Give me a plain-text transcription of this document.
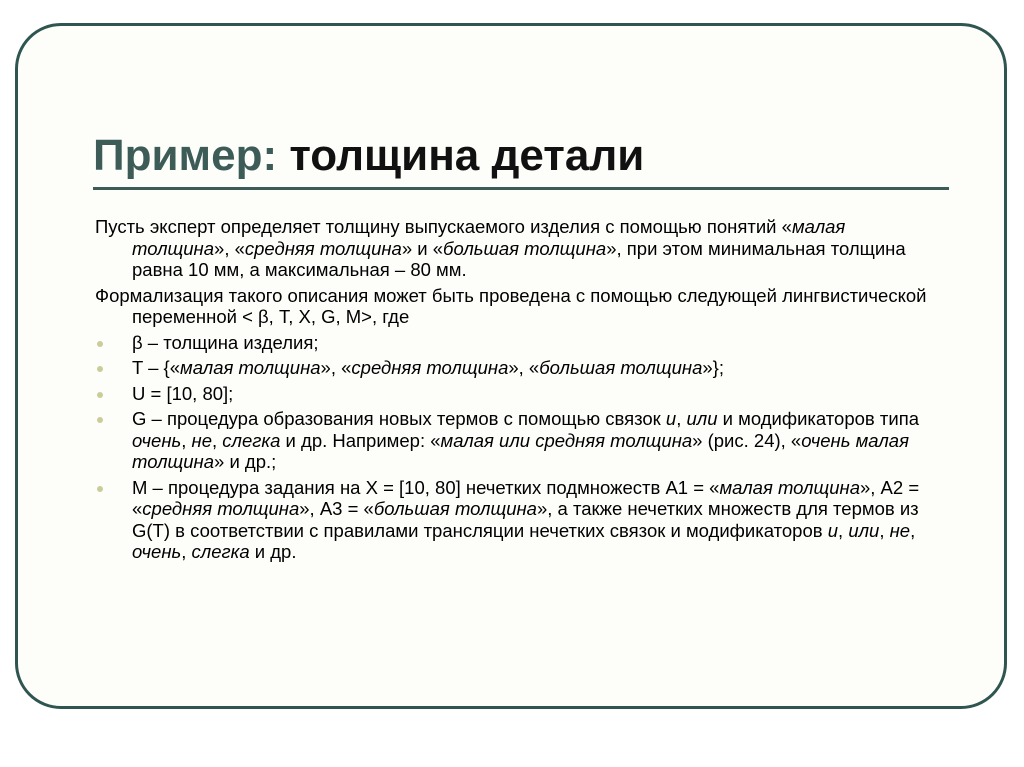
Пример: толщина детали

Пусть эксперт определяет толщину выпускаемого изделия с помощью понятий «малая толщина», «средняя толщина» и «большая толщина», при этом минимальная толщина равна 10 мм, а максимальная – 80 мм.

Формализация такого описания может быть проведена с помощью следующей лингвистической переменной < β, T, X, G, M>, где

β – толщина изделия;
T – {«малая толщина», «средняя толщина», «большая толщина»};
U = [10, 80];
G – процедура образования новых термов с помощью связок и, или и модификаторов типа очень, не, слегка и др. Например: «малая или средняя толщина» (рис. 24), «очень малая толщина» и др.;
M – процедура задания на X = [10, 80] нечетких подмножеств А1 = «малая толщина», А2 = «средняя толщина», А3 = «большая толщина», а также нечетких множеств для термов из G(T) в соответствии с правилами трансляции нечетких связок и модификаторов и, или, не, очень, слегка и др.
